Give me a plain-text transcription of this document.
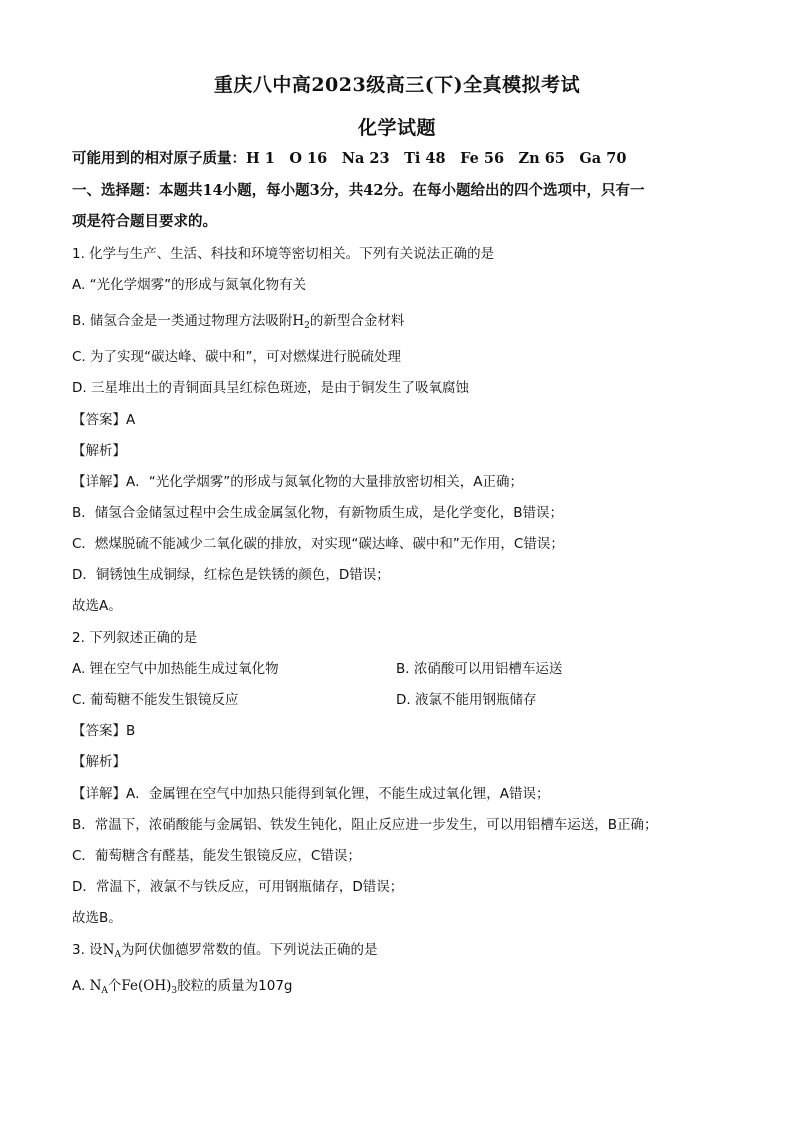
重庆八中高2023级高三(下)全真模拟考试
化学试题
可能用到的相对原子质量：H 1　O 16　Na 23　Ti 48　Fe 56　Zn 65　Ga 70
一、选择题：本题共14小题，每小题3分，共42分。在每小题给出的四个选项中，只有一
项是符合题目要求的。
1. 化学与生产、生活、科技和环境等密切相关。下列有关说法正确的是
A. “光化学烟雾”的形成与氮氧化物有关
B. 储氢合金是一类通过物理方法吸附$H_2$的新型合金材料
C. 为了实现“碳达峰、碳中和”，可对燃煤进行脱硫处理
D. 三星堆出土的青铜面具呈红棕色斑迹，是由于铜发生了吸氧腐蚀
【答案】A
【解析】
【详解】A．“光化学烟雾”的形成与氮氧化物的大量排放密切相关，A正确；
B．储氢合金储氢过程中会生成金属氢化物，有新物质生成，是化学变化，B错误；
C．燃煤脱硫不能减少二氧化碳的排放，对实现“碳达峰、碳中和”无作用，C错误；
D．铜锈蚀生成铜绿，红棕色是铁锈的颜色，D错误；
故选A。
2. 下列叙述正确的是
A. 锂在空气中加热能生成过氧化物	B. 浓硝酸可以用铝槽车运送
C. 葡萄糖不能发生银镜反应	D. 液氯不能用钢瓶储存
【答案】B
【解析】
【详解】A．金属锂在空气中加热只能得到氧化锂，不能生成过氧化锂，A错误；
B．常温下，浓硝酸能与金属铝、铁发生钝化，阻止反应进一步发生，可以用铝槽车运送，B正确；
C．葡萄糖含有醛基，能发生银镜反应，C错误；
D．常温下，液氯不与铁反应，可用钢瓶储存，D错误；
故选B。
3. 设$N_A$为阿伏伽德罗常数的值。下列说法正确的是
A. $N_A$个$Fe(OH)_3$胶粒的质量为107g
